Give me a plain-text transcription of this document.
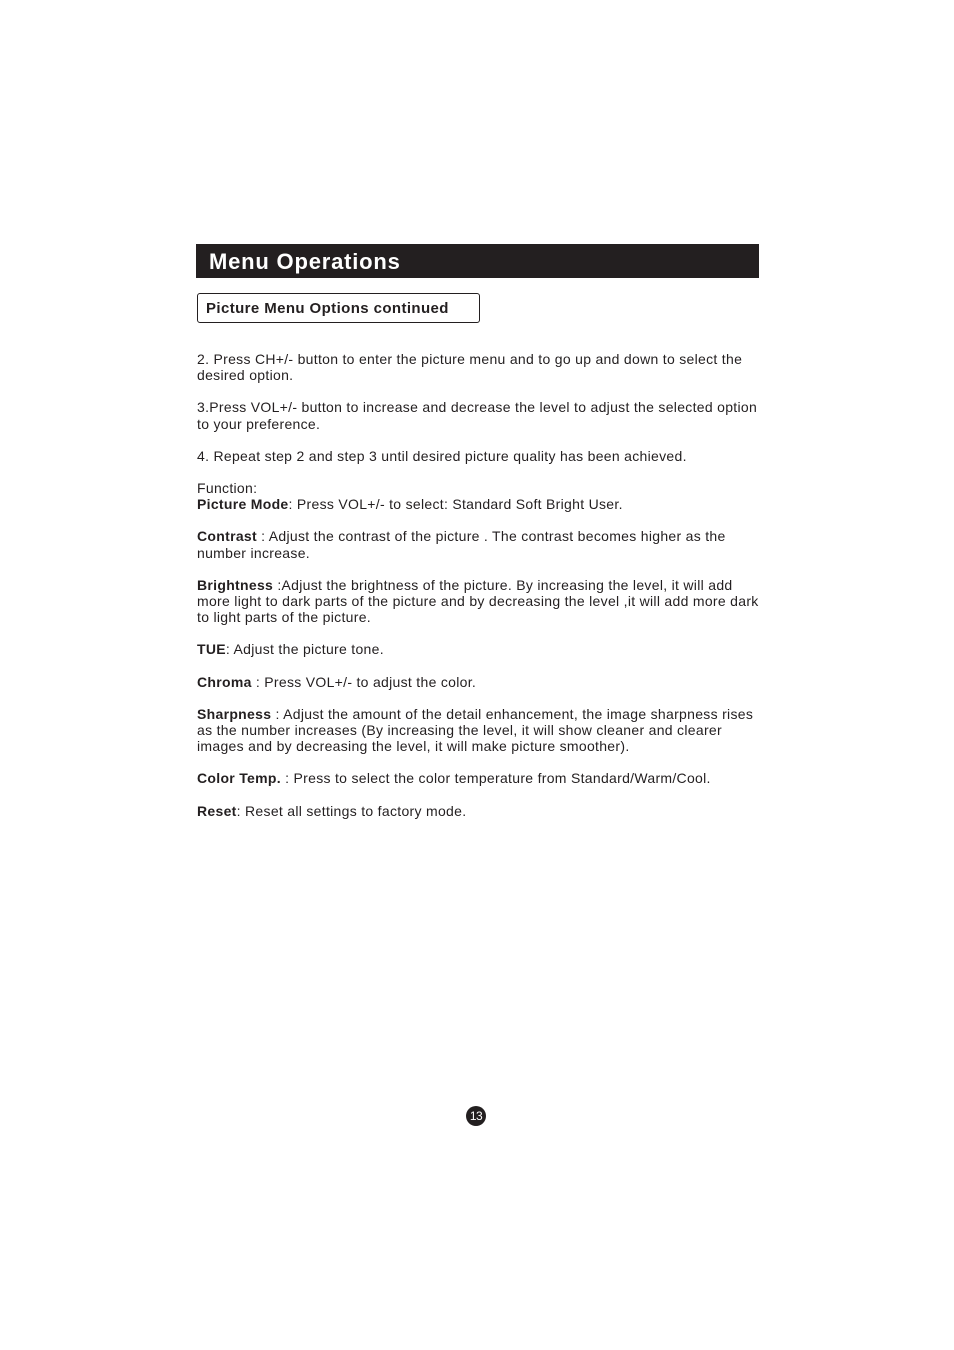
Menu Operations
Picture Menu Options continued

2. Press CH+/- button to enter the picture menu and to go up and down to select the desired option.

3.Press VOL+/- button to increase and decrease the level to adjust the selected option to your preference.

4. Repeat step 2 and step 3 until desired picture quality has been achieved.

Function:
Picture Mode: Press VOL+/- to select: Standard Soft Bright User.

Contrast : Adjust the contrast of the picture . The contrast becomes higher as the number increase.

Brightness :Adjust the brightness of the picture. By increasing the level, it will add more light to dark parts of the picture and by decreasing the level ,it will add more dark to light parts of the picture.

TUE: Adjust the picture tone.

Chroma : Press VOL+/- to adjust the color.

Sharpness : Adjust the amount of the detail enhancement, the image sharpness rises as the number increases (By increasing the level, it will show cleaner and clearer images and by decreasing the level, it will make picture smoother).

Color Temp. : Press to select the color temperature from Standard/Warm/Cool.

Reset: Reset all settings to factory mode.

13
